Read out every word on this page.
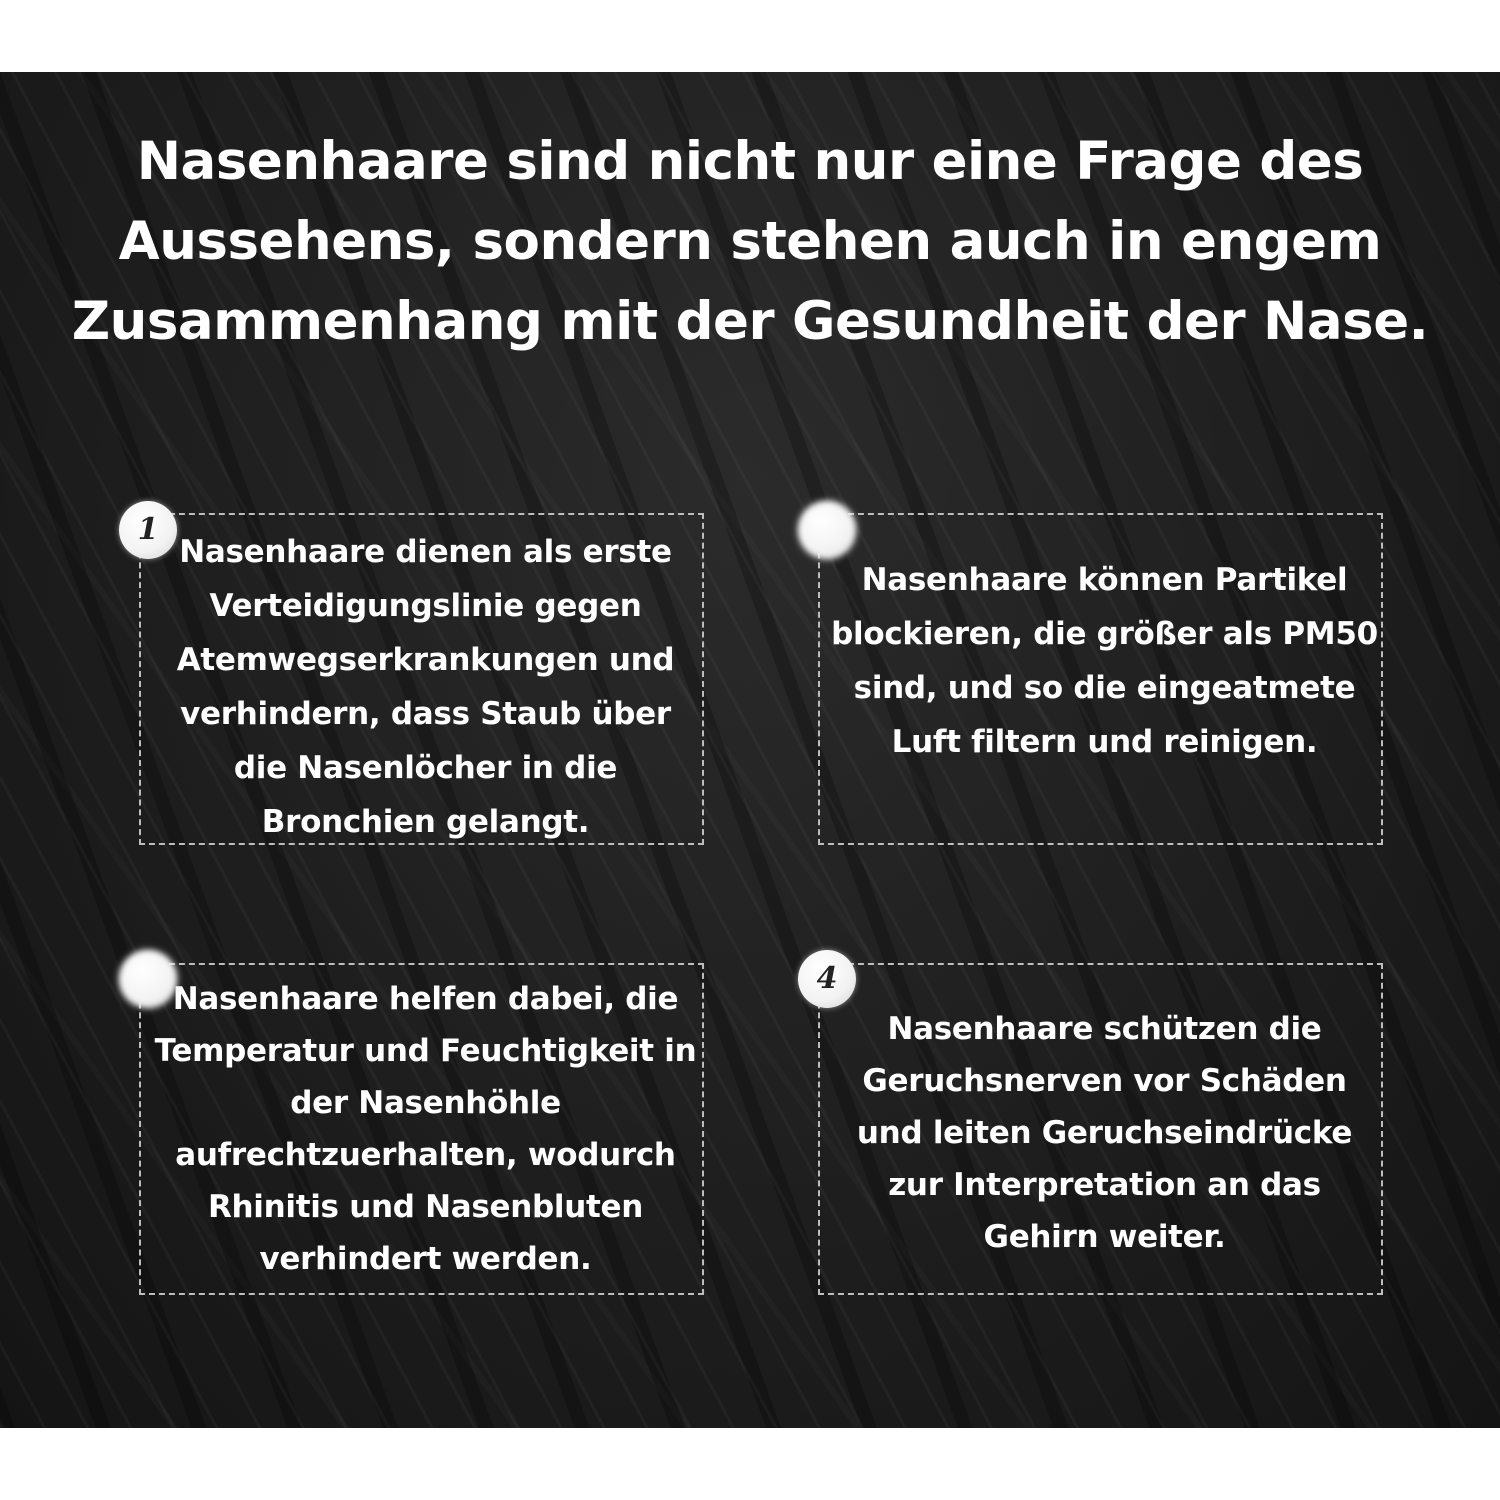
Nasenhaare sind nicht nur eine Frage des Aussehens, sondern stehen auch in engem Zusammenhang mit der Gesundheit der Nase.

Nasenhaare dienen als erste Verteidigungslinie gegen Atemwegserkrankungen und verhindern, dass Staub über die Nasenlöcher in die Bronchien gelangt.

1

Nasenhaare können Partikel blockieren, die größer als PM50 sind, und so die eingeatmete Luft filtern und reinigen.

Nasenhaare helfen dabei, die Temperatur und Feuchtigkeit in der Nasenhöhle aufrechtzuerhalten, wodurch Rhinitis und Nasenbluten verhindert werden.

Nasenhaare schützen die Geruchsnerven vor Schäden und leiten Geruchseindrücke zur Interpretation an das Gehirn weiter.

4
